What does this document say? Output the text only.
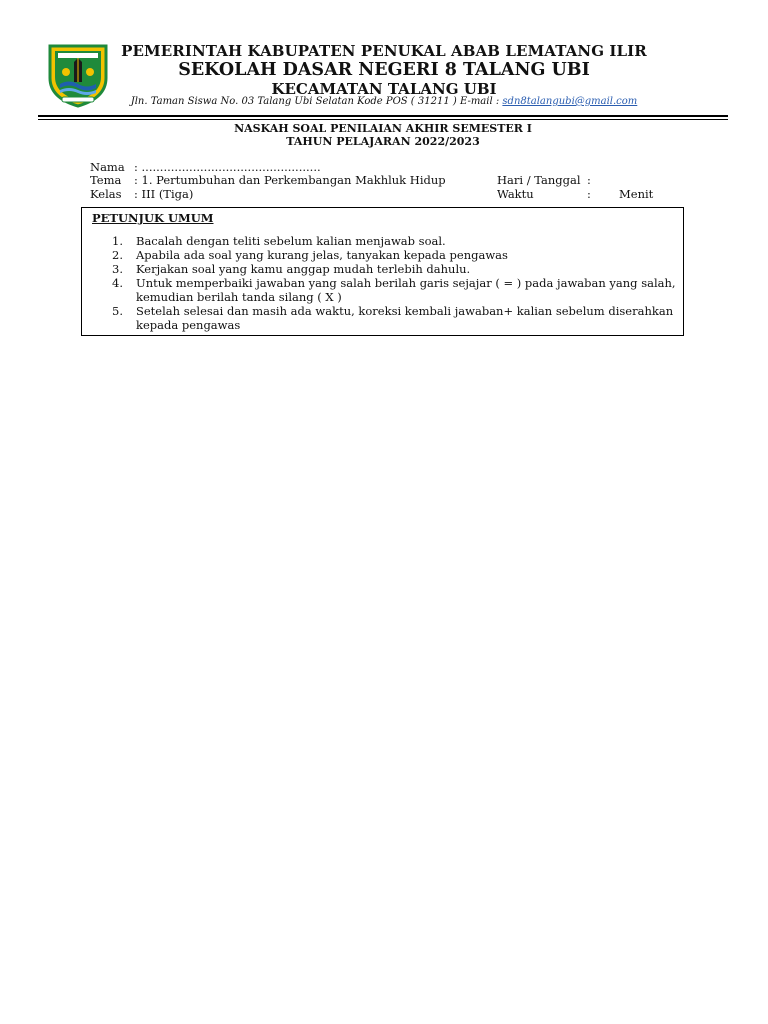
PEMERINTAH KABUPATEN PENUKAL ABAB LEMATANG ILIR
SEKOLAH DASAR NEGERI 8 TALANG UBI
KECAMATAN TALANG UBI
Jln. Taman Siswa No. 03 Talang Ubi Selatan Kode POS ( 31211 ) E-mail : sdn8talangubi@gmail.com
NASKAH SOAL PENILAIAN AKHIR SEMESTER I
TAHUN PELAJARAN 2022/2023
Nama : .................................................
Tema : 1. Pertumbuhan dan Perkembangan Makhluk Hidup
Kelas : III (Tiga)
Hari / Tanggal :
Waktu	: Menit
PETUNJUK UMUM
1. Bacalah dengan teliti sebelum kalian menjawab soal.
2. Apabila ada soal yang kurang jelas, tanyakan kepada pengawas
3. Kerjakan soal yang kamu anggap mudah terlebih dahulu.
4. Untuk memperbaiki jawaban yang salah berilah garis sejajar ( = ) pada jawaban yang salah,
kemudian berilah tanda silang ( X )
5. Setelah selesai dan masih ada waktu, koreksi kembali jawaban+ kalian sebelum diserahkan
kepada pengawas
